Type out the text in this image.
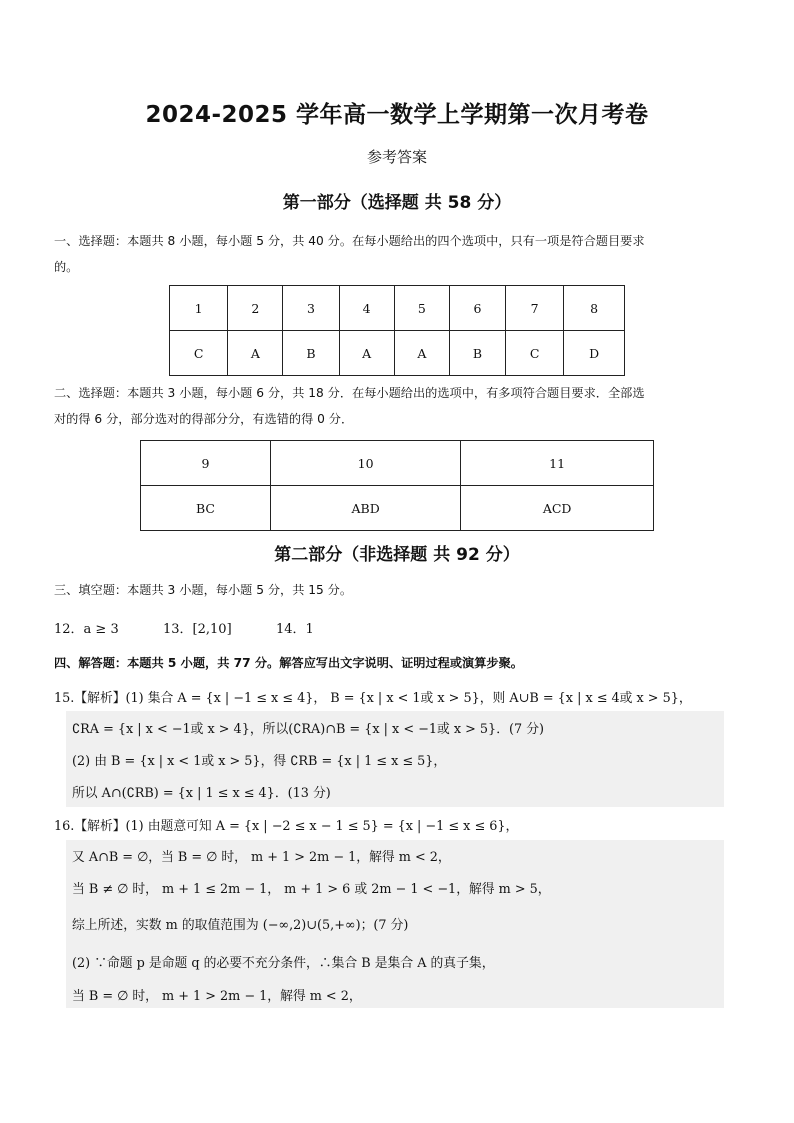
2024-2025 学年高一数学上学期第一次月考卷
参考答案
第一部分（选择题 共 58 分）
一、选择题：本题共 8 小题，每小题 5 分，共 40 分。在每小题给出的四个选项中，只有一项是符合题目要求
的。
1	2	3	4	5	6	7	8
C	A	B	A	A	B	C	D
二、选择题：本题共 3 小题，每小题 6 分，共 18 分．在每小题给出的选项中，有多项符合题目要求．全部选
对的得 6 分，部分选对的得部分分，有选错的得 0 分．
9	10	11
BC	ABD	ACD
第二部分（非选择题 共 92 分）
三、填空题：本题共 3 小题，每小题 5 分，共 15 分。
12．a ≥ 3	13．[2,10]	14．1
四、解答题：本题共 5 小题，共 77 分。解答应写出文字说明、证明过程或演算步聚。
15.【解析】(1) 集合 A = {x | −1 ≤ x ≤ 4}， B = {x | x < 1或 x > 5}，则 A∪B = {x | x ≤ 4或 x > 5}，
∁RA = {x | x < −1或 x > 4}，所以(∁RA)∩B = {x | x < −1或 x > 5}．(7 分)
(2) 由 B = {x | x < 1或 x > 5}，得 ∁RB = {x | 1 ≤ x ≤ 5}，
所以 A∩(∁RB) = {x | 1 ≤ x ≤ 4}．(13 分)
16.【解析】(1) 由题意可知 A = {x | −2 ≤ x − 1 ≤ 5} = {x | −1 ≤ x ≤ 6}，
又 A∩B = ∅，当 B = ∅ 时， m + 1 > 2m − 1，解得 m < 2，
当 B ≠ ∅ 时， m + 1 ≤ 2m − 1， m + 1 > 6 或 2m − 1 < −1，解得 m > 5，
综上所述，实数 m 的取值范围为 (−∞,2)∪(5,+∞)；(7 分)
(2) ∵命题 p 是命题 q 的必要不充分条件，∴集合 B 是集合 A 的真子集，
当 B = ∅ 时， m + 1 > 2m − 1，解得 m < 2，
